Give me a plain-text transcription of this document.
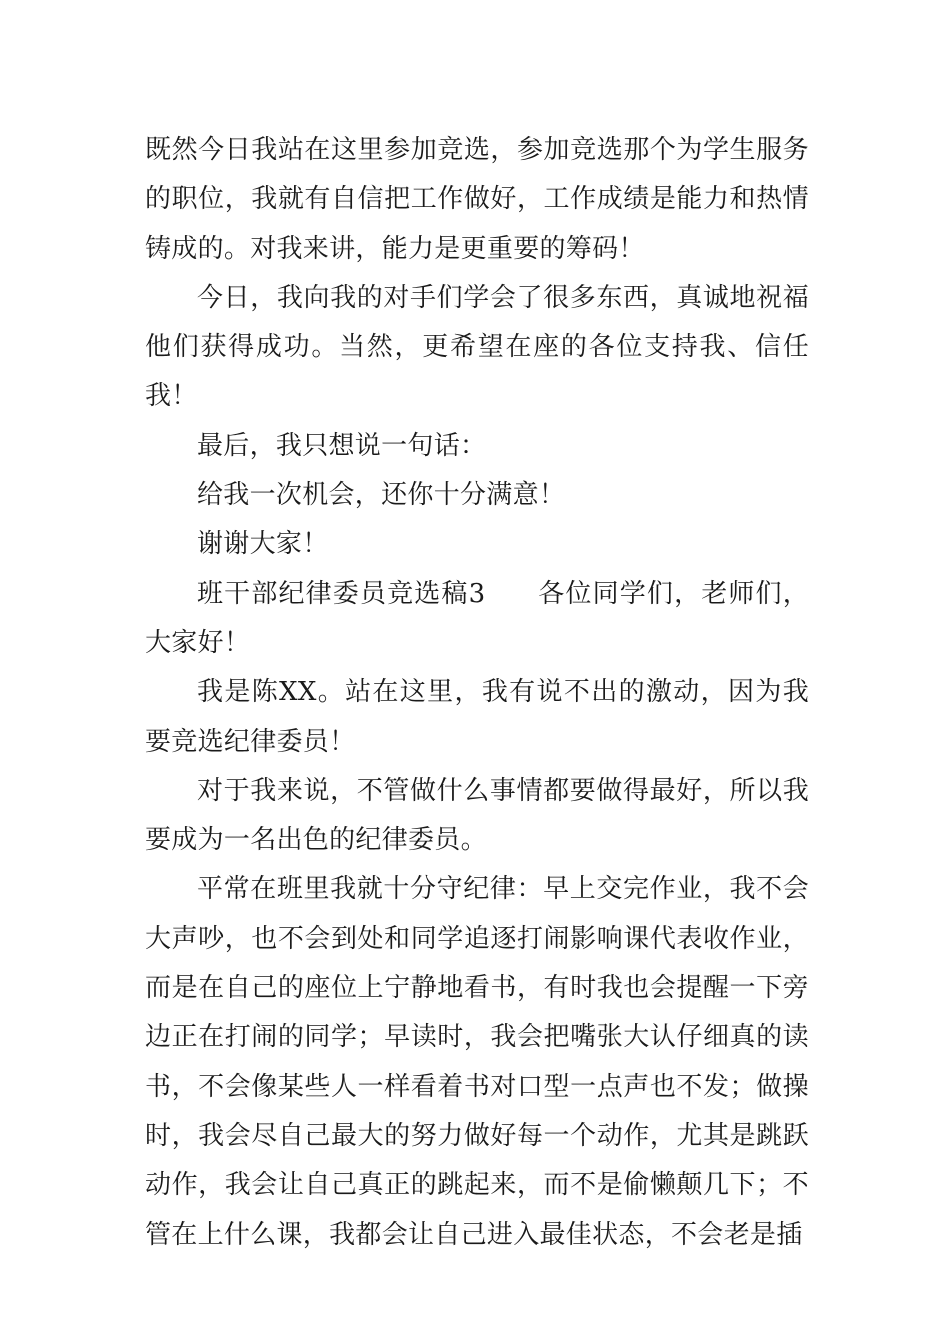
既然今日我站在这里参加竞选，参加竞选那个为学生服务的职位，我就有自信把工作做好，工作成绩是能力和热情铸成的。对我来讲，能力是更重要的筹码！

今日，我向我的对手们学会了很多东西，真诚地祝福他们获得成功。当然，更希望在座的各位支持我、信任我！

最后，我只想说一句话：

给我一次机会，还你十分满意！

谢谢大家！

班干部纪律委员竞选稿3 各位同学们，老师们，大家好！

我是陈XX。站在这里，我有说不出的激动，因为我要竞选纪律委员！

对于我来说，不管做什么事情都要做得最好，所以我要成为一名出色的纪律委员。

平常在班里我就十分守纪律：早上交完作业，我不会大声吵，也不会到处和同学追逐打闹影响课代表收作业，而是在自己的座位上宁静地看书，有时我也会提醒一下旁边正在打闹的同学；早读时，我会把嘴张大认仔细真的读书，不会像某些人一样看着书对口型一点声也不发；做操时，我会尽自己最大的努力做好每一个动作，尤其是跳跃动作，我会让自己真正的跳起来，而不是偷懒颠几下；不管在上什么课，我都会让自己进入最佳状态，不会老是插
